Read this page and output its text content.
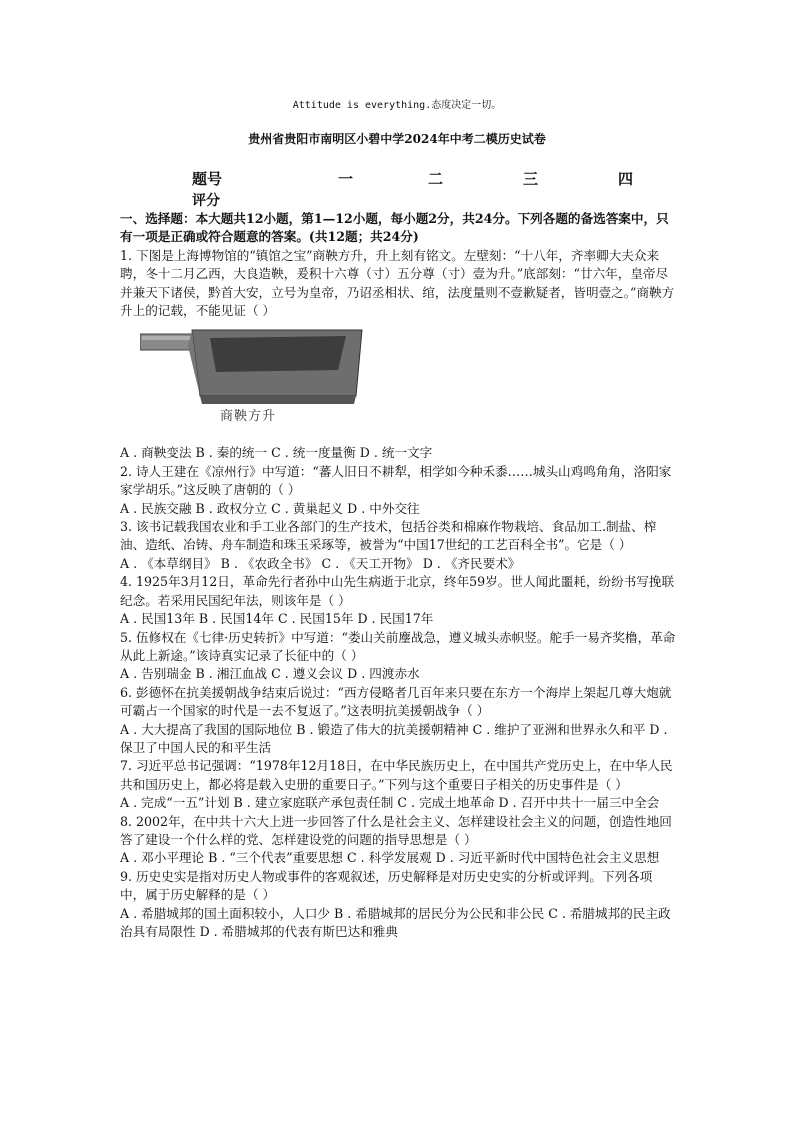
Attitude is everything.态度决定一切。
贵州省贵阳市南明区小碧中学2024年中考二模历史试卷
题号	一	二	三	四
评分

一、选择题：本大题共12小题，第1—12小题，每小题2分，共24分。下列各题的备选答案中，只有一项是正确或符合题意的答案。(共12题；共24分)

1. 下图是上海博物馆的“镇馆之宝”商鞅方升，升上刻有铭文。左壁刻：“十八年，齐率卿大夫众来聘，冬十二月乙西，大良造鞅，爰积十六尊（寸）五分尊（寸）壹为升。”底部刻：“廿六年，皇帝尽并兼天下诸侯，黔首大安，立号为皇帝，乃诏丞相状、绾，法度量则不壹歉疑者，皆明壹之。”商鞅方升上的记载，不能见证（ ）

商鞅方升

A . 商鞅变法 B . 秦的统一 C . 统一度量衡 D . 统一文字

2. 诗人王建在《凉州行》中写道：“蕃人旧日不耕犁，相学如今种禾黍……城头山鸡鸣角角，洛阳家家学胡乐。”这反映了唐朝的（ ）

A . 民族交融 B . 政权分立 C . 黄巢起义 D . 中外交往

3. 该书记载我国农业和手工业各部门的生产技术，包括谷类和棉麻作物栽培、食品加工.制盐、榨油、造纸、冶铸、舟车制造和珠玉采琢等，被誉为“中国17世纪的工艺百科全书”。它是（ ）

A . 《本草纲目》 B . 《农政全书》 C . 《天工开物》 D . 《齐民要术》

4. 1925年3月12日，革命先行者孙中山先生病逝于北京，终年59岁。世人闻此噩耗，纷纷书写挽联纪念。若采用民国纪年法，则该年是（ ）

A . 民国13年 B . 民国14年 C . 民国15年 D . 民国17年

5. 伍修权在《七律·历史转折》中写道：“娄山关前麈战急，遵义城头赤帜竖。舵手一易齐奖橹，革命从此上新途。”该诗真实记录了长征中的（ ）

A . 告别瑞金 B . 湘江血战 C . 遵义会议 D . 四渡赤水

6. 彭德怀在抗美援朝战争结束后说过：“西方侵略者几百年来只要在东方一个海岸上架起几尊大炮就可霸占一个国家的时代是一去不复返了。”这表明抗美援朝战争（ ）

A . 大大提高了我国的国际地位 B . 锻造了伟大的抗美援朝精神 C . 维护了亚洲和世界永久和平 D . 保卫了中国人民的和平生活

7. 习近平总书记强调：“1978年12月18日，在中华民族历史上，在中国共产党历史上，在中华人民共和国历史上，都必将是载入史册的重要日子。”下列与这个重要日子相关的历史事件是（ ）

A . 完成“一五”计划 B . 建立家庭联产承包责任制 C . 完成土地革命 D . 召开中共十一届三中全会

8. 2002年，在中共十六大上进一步回答了什么是社会主义、怎样建设社会主义的问题，创造性地回答了建设一个什么样的党、怎样建设党的问题的指导思想是（ ）

A . 邓小平理论 B . “三个代表”重要思想 C . 科学发展观 D . 习近平新时代中国特色社会主义思想

9. 历史史实是指对历史人物或事件的客观叙述，历史解释是对历史史实的分析或评判。下列各项中，属于历史解释的是（ ）

A . 希腊城邦的国土面积较小，人口少 B . 希腊城邦的居民分为公民和非公民 C . 希腊城邦的民主政治具有局限性 D . 希腊城邦的代表有斯巴达和雅典
